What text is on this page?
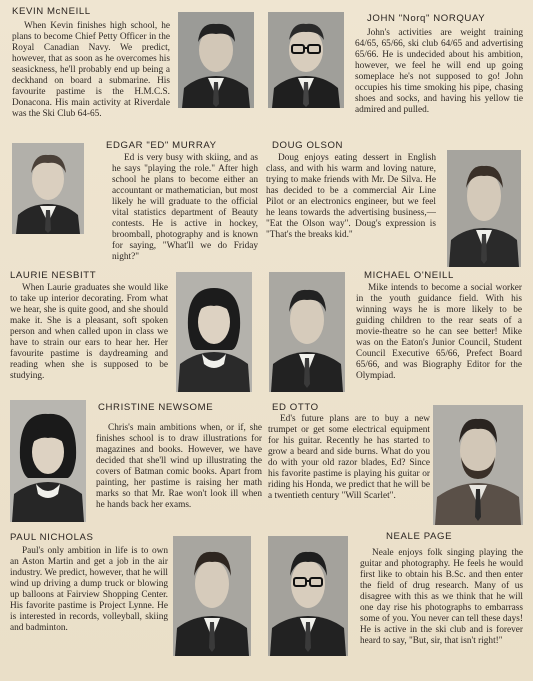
KEVIN McNEILL
When Kevin finishes high school, he plans to become Chief Petty Officer in the Royal Canadian Navy. We predict, however, that as soon as he overcomes his seasickness, he'll probably end up being a deckhand on board a submarine. His favourite pastime is the H.M.C.S. Donacona. His main activity at Riverdale was the Ski Club 64-65.
JOHN "Norq" NORQUAY
John's activities are weight training 64/65, 65/66, ski club 64/65 and advertising 65/66. He is undecided about his ambition, however, we feel he will end up going someplace he's not supposed to go! John occupies his time smoking his pipe, chasing shoes and socks, and having his yellow tie admired and pulled.
EDGAR "ED" MURRAY
Ed is very busy with skiing, and as he says "playing the role." After high school he plans to become either an accountant or mathematician, but most likely he will graduate to the official vital statistics department of Beauty contests. He is active in hockey, broomball, photography and is known for saying, "What'll we do Friday night?"
DOUG OLSON
Doug enjoys eating dessert in English class, and with his warm and loving nature, trying to make friends with Mr. De Silva. He has decided to be a commercial Air Line Pilot or an electronics engineer, but we feel he leans towards the advertising business,— "Eat the Olson way". Doug's expression is "That's the breaks kid."
LAURIE NESBITT
When Laurie graduates she would like to take up interior decorating. From what we hear, she is quite good, and she should make it. She is a pleasant, soft spoken person and when called upon in class we have to strain our ears to hear her. Her favourite pastime is daydreaming and reading when she is supposed to be studying.
MICHAEL O'NEILL
Mike intends to become a social worker in the youth guidance field. With his winning ways he is more likely to be guiding children to the rear seats of a movie-theatre so he can see better! Mike was on the Eaton's Junior Council, Student Council Executive 65/66, Prefect Board 65/66, and was Biography Editor for the Olympiad.
CHRISTINE NEWSOME
Chris's main ambitions when, or if, she finishes school is to draw illustrations for magazines and books. However, we have decided that she'll wind up illustrating the covers of Batman comic books. Apart from painting, her pastime is raising her math marks so that Mr. Rae won't look ill when he hands back her exams.
ED OTTO
Ed's future plans are to buy a new trumpet or get some electrical equipment for his guitar. Recently he has started to grow a beard and side burns. What do you do with your old razor blades, Ed? Since his favorite pastime is playing his guitar or riding his Honda, we predict that he will be a twentieth century "Will Scarlet".
PAUL NICHOLAS
Paul's only ambition in life is to own an Aston Martin and get a job in the air industry. We predict, however, that he will wind up driving a dump truck or blowing up balloons at Fairview Shopping Center. His favorite pastime is Project Lynne. He is interested in records, volleyball, skiing and badminton.
NEALE PAGE
Neale enjoys folk singing playing the guitar and photography. He feels he would first like to obtain his B.Sc. and then enter the field of drug research. Many of us disagree with this as we think that he will one day rise his photographs to embarrass some of you. You never can tell these days! He is active in the ski club and is forever heard to say, "But, sir, that isn't right!"
